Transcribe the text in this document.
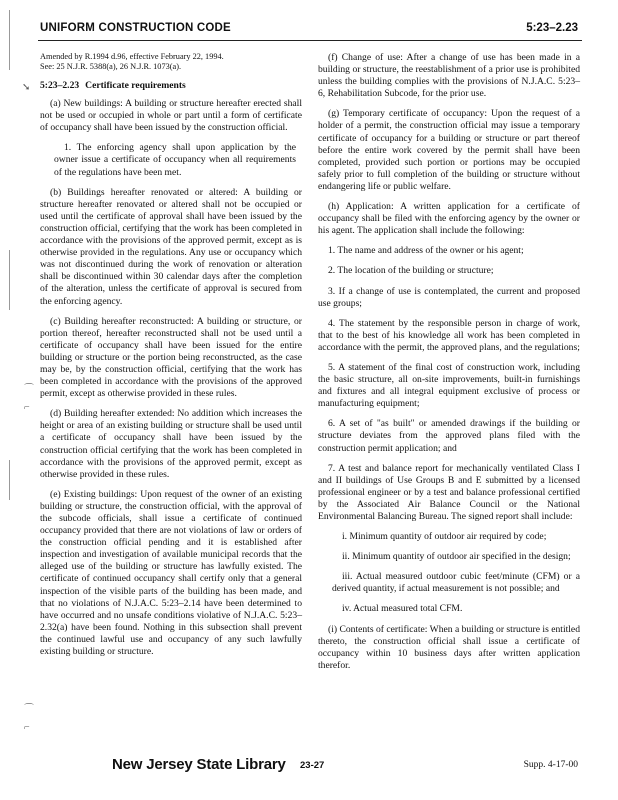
UNIFORM CONSTRUCTION CODE	5:23–2.23
➘
⌒
⌐
⌒
⌐

Amended by R.1994 d.96, effective February 22, 1994.
See: 25 N.J.R. 5388(a), 26 N.J.R. 1073(a).

5:23–2.23 Certificate requirements

(a) New buildings: A building or structure hereafter erected shall not be used or occupied in whole or part until a form of certificate of occupancy shall have been issued by the construction official.

1. The enforcing agency shall upon application by the owner issue a certificate of occupancy when all requirements of the regulations have been met.

(b) Buildings hereafter renovated or altered: A building or structure hereafter renovated or altered shall not be occupied or used until the certificate of approval shall have been issued by the construction official, certifying that the work has been completed in accordance with the provisions of the approved permit, except as is otherwise provided in the regulations. Any use or occupancy which was not discontinued during the work of renovation or alteration shall be discontinued within 30 calendar days after the completion of the alteration, unless the certificate of approval is secured from the enforcing agency.

(c) Building hereafter reconstructed: A building or structure, or portion thereof, hereafter reconstructed shall not be used until a certificate of occupancy shall have been issued for the entire building or structure or the portion being reconstructed, as the case may be, by the construction official, certifying that the work has been completed in accordance with the provisions of the approved permit, except as otherwise provided in these rules.

(d) Building hereafter extended: No addition which increases the height or area of an existing building or structure shall be used until a certificate of occupancy shall have been issued by the construction official certifying that the work has been completed in accordance with the provisions of the approved permit, except as otherwise provided in these rules.

(e) Existing buildings: Upon request of the owner of an existing building or structure, the construction official, with the approval of the subcode officials, shall issue a certificate of continued occupancy provided that there are not violations of law or orders of the construction official pending and it is established after inspection and investigation of available municipal records that the alleged use of the building or structure has lawfully existed. The certificate of continued occupancy shall certify only that a general inspection of the visible parts of the building has been made, and that no violations of N.J.A.C. 5:23–2.14 have been determined to have occurred and no unsafe conditions violative of N.J.A.C. 5:23–2.32(a) have been found. Nothing in this subsection shall prevent the continued lawful use and occupancy of any such lawfully existing building or structure.

(f) Change of use: After a change of use has been made in a building or structure, the reestablishment of a prior use is prohibited unless the building complies with the provisions of N.J.A.C. 5:23–6, Rehabilitation Subcode, for the prior use.

(g) Temporary certificate of occupancy: Upon the request of a holder of a permit, the construction official may issue a temporary certificate of occupancy for a building or structure or part thereof before the entire work covered by the permit shall have been completed, provided such portion or portions may be occupied safely prior to full completion of the building or structure without endangering life or public welfare.

(h) Application: A written application for a certificate of occupancy shall be filed with the enforcing agency by the owner or his agent. The application shall include the following:

1. The name and address of the owner or his agent;

2. The location of the building or structure;

3. If a change of use is contemplated, the current and proposed use groups;

4. The statement by the responsible person in charge of work, that to the best of his knowledge all work has been completed in accordance with the permit, the approved plans, and the regulations;

5. A statement of the final cost of construction work, including the basic structure, all on-site improvements, built-in furnishings and fixtures and all integral equipment exclusive of process or manufacturing equipment;

6. A set of "as built" or amended drawings if the building or structure deviates from the approved plans filed with the construction permit application; and

7. A test and balance report for mechanically ventilated Class I and II buildings of Use Groups B and E submitted by a licensed professional engineer or by a test and balance professional certified by the Associated Air Balance Council or the National Environmental Balancing Bureau. The signed report shall include:

i. Minimum quantity of outdoor air required by code;

ii. Minimum quantity of outdoor air specified in the design;

iii. Actual measured outdoor cubic feet/minute (CFM) or a derived quantity, if actual measurement is not possible; and

iv. Actual measured total CFM.

(i) Contents of certificate: When a building or structure is entitled thereto, the construction official shall issue a certificate of occupancy within 10 business days after written application therefor.

New Jersey State Library 23-27	Supp. 4-17-00
